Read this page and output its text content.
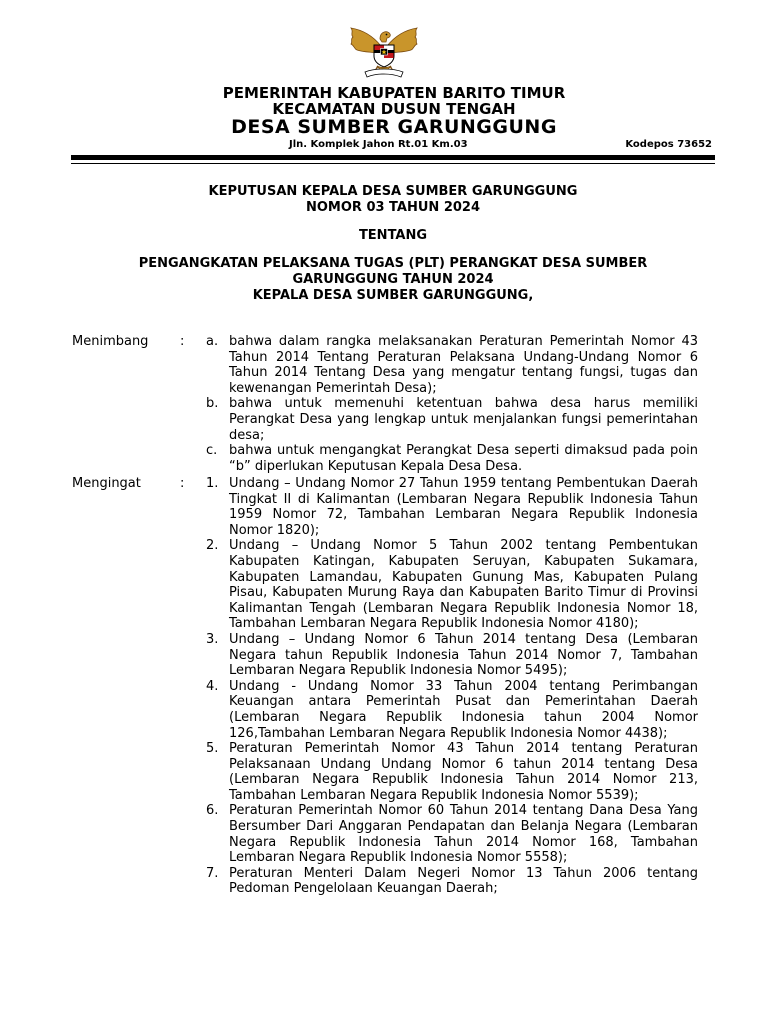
PEMERINTAH KABUPATEN BARITO TIMUR
KECAMATAN DUSUN TENGAH
DESA SUMBER GARUNGGUNG
Jln. Komplek Jahon Rt.01 Km.03	Kodepos 73652
KEPUTUSAN KEPALA DESA SUMBER GARUNGGUNG
NOMOR 03 TAHUN 2024
TENTANG
PENGANGKATAN PELAKSANA TUGAS (PLT) PERANGKAT DESA SUMBER
GARUNGGUNG TAHUN 2024
KEPALA DESA SUMBER GARUNGGUNG,
Menimbang : a. bahwa dalam rangka melaksanakan Peraturan Pemerintah Nomor 43 Tahun 2014 Tentang Peraturan Pelaksana Undang-Undang Nomor 6 Tahun 2014 Tentang Desa yang mengatur tentang fungsi, tugas dan kewenangan Pemerintah Desa);
b. bahwa untuk memenuhi ketentuan bahwa desa harus memiliki Perangkat Desa yang lengkap untuk menjalankan fungsi pemerintahan desa;
c. bahwa untuk mengangkat Perangkat Desa seperti dimaksud pada poin “b” diperlukan Keputusan Kepala Desa Desa.
Mengingat	: 1. Undang – Undang Nomor 27 Tahun 1959 tentang Pembentukan Daerah Tingkat II di Kalimantan (Lembaran Negara Republik Indonesia Tahun 1959 Nomor 72, Tambahan Lembaran Negara Republik Indonesia Nomor 1820);
2. Undang – Undang Nomor 5 Tahun 2002 tentang Pembentukan Kabupaten Katingan, Kabupaten Seruyan, Kabupaten Sukamara, Kabupaten Lamandau, Kabupaten Gunung Mas, Kabupaten Pulang Pisau, Kabupaten Murung Raya dan Kabupaten Barito Timur di Provinsi Kalimantan Tengah (Lembaran Negara Republik Indonesia Nomor 18, Tambahan Lembaran Negara Republik Indonesia Nomor 4180);
3. Undang – Undang Nomor 6 Tahun 2014 tentang Desa (Lembaran Negara tahun Republik Indonesia Tahun 2014 Nomor 7, Tambahan Lembaran Negara Republik Indonesia Nomor 5495);
4. Undang - Undang Nomor 33 Tahun 2004 tentang Perimbangan Keuangan antara Pemerintah Pusat dan Pemerintahan Daerah (Lembaran Negara Republik Indonesia tahun 2004 Nomor 126,Tambahan Lembaran Negara Republik Indonesia Nomor 4438);
5. Peraturan Pemerintah Nomor 43 Tahun 2014 tentang Peraturan Pelaksanaan Undang Undang Nomor 6 tahun 2014 tentang Desa (Lembaran Negara Republik Indonesia Tahun 2014 Nomor 213, Tambahan Lembaran Negara Republik Indonesia Nomor 5539);
6. Peraturan Pemerintah Nomor 60 Tahun 2014 tentang Dana Desa Yang Bersumber Dari Anggaran Pendapatan dan Belanja Negara (Lembaran Negara Republik Indonesia Tahun 2014 Nomor 168, Tambahan Lembaran Negara Republik Indonesia Nomor 5558);
7. Peraturan Menteri Dalam Negeri Nomor 13 Tahun 2006 tentang Pedoman Pengelolaan Keuangan Daerah;
